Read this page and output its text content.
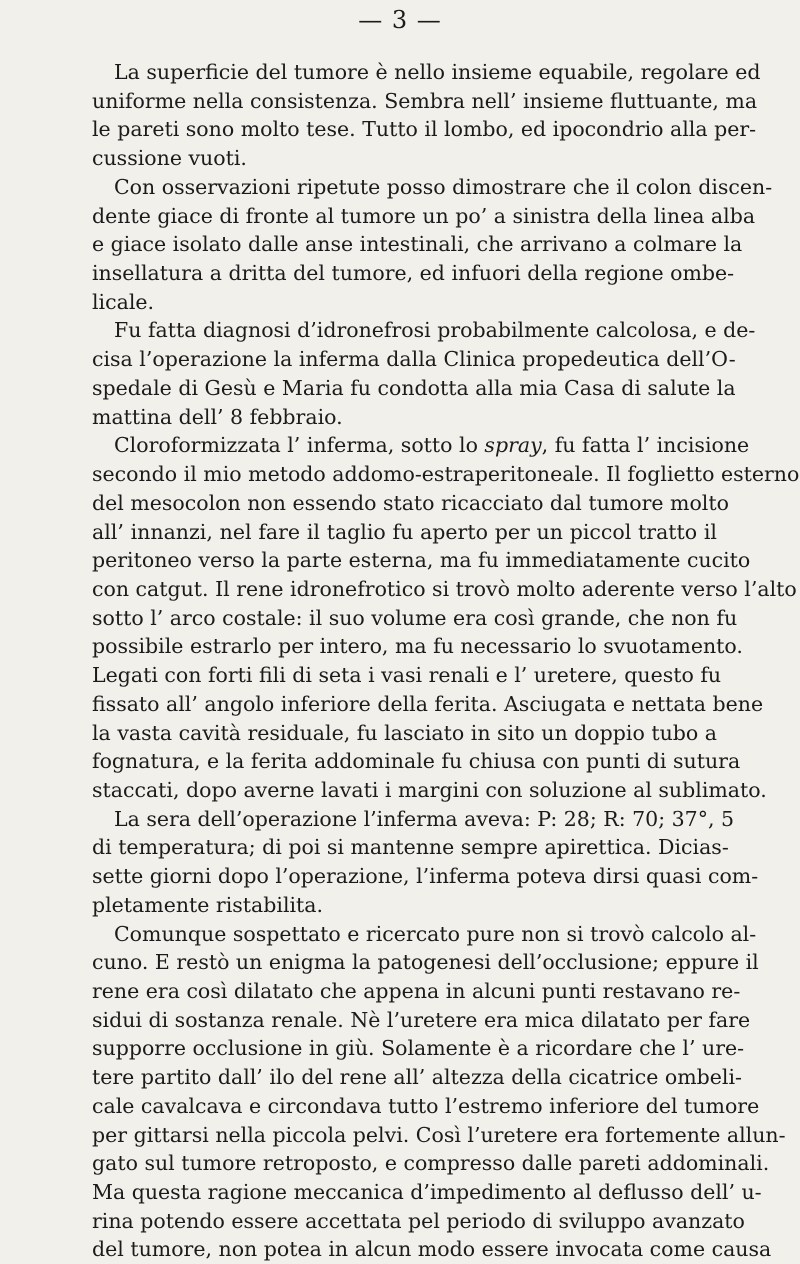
— 3 —
La superficie del tumore è nello insieme equabile, regolare ed
uniforme nella consistenza. Sembra nell’ insieme fluttuante, ma
le pareti sono molto tese. Tutto il lombo, ed ipocondrio alla per-
cussione vuoti.
Con osservazioni ripetute posso dimostrare che il colon discen-
dente giace di fronte al tumore un po’ a sinistra della linea alba
e giace isolato dalle anse intestinali, che arrivano a colmare la
insellatura a dritta del tumore, ed infuori della regione ombe-
licale.
Fu fatta diagnosi d’idronefrosi probabilmente calcolosa, e de-
cisa l’operazione la inferma dalla Clinica propedeutica dell’O-
spedale di Gesù e Maria fu condotta alla mia Casa di salute la
mattina dell’ 8 febbraio.
Cloroformizzata l’ inferma, sotto lo spray, fu fatta l’ incisione
secondo il mio metodo addomo-estraperitoneale. Il foglietto esterno
del mesocolon non essendo stato ricacciato dal tumore molto
all’ innanzi, nel fare il taglio fu aperto per un piccol tratto il
peritoneo verso la parte esterna, ma fu immediatamente cucito
con catgut. Il rene idronefrotico si trovò molto aderente verso l’alto
sotto l’ arco costale: il suo volume era così grande, che non fu
possibile estrarlo per intero, ma fu necessario lo svuotamento.
Legati con forti fili di seta i vasi renali e l’ uretere, questo fu
fissato all’ angolo inferiore della ferita. Asciugata e nettata bene
la vasta cavità residuale, fu lasciato in sito un doppio tubo a
fognatura, e la ferita addominale fu chiusa con punti di sutura
staccati, dopo averne lavati i margini con soluzione al sublimato.
La sera dell’operazione l’inferma aveva: P: 28; R: 70; 37°, 5
di temperatura; di poi si mantenne sempre apirettica. Dicias-
sette giorni dopo l’operazione, l’inferma poteva dirsi quasi com-
pletamente ristabilita.
Comunque sospettato e ricercato pure non si trovò calcolo al-
cuno. E restò un enigma la patogenesi dell’occlusione; eppure il
rene era così dilatato che appena in alcuni punti restavano re-
sidui di sostanza renale. Nè l’uretere era mica dilatato per fare
supporre occlusione in giù. Solamente è a ricordare che l’ ure-
tere partito dall’ ilo del rene all’ altezza della cicatrice ombeli-
cale cavalcava e circondava tutto l’estremo inferiore del tumore
per gittarsi nella piccola pelvi. Così l’uretere era fortemente allun-
gato sul tumore retroposto, e compresso dalle pareti addominali.
Ma questa ragione meccanica d’impedimento al deflusso dell’ u-
rina potendo essere accettata pel periodo di sviluppo avanzato
del tumore, non potea in alcun modo essere invocata come causa
